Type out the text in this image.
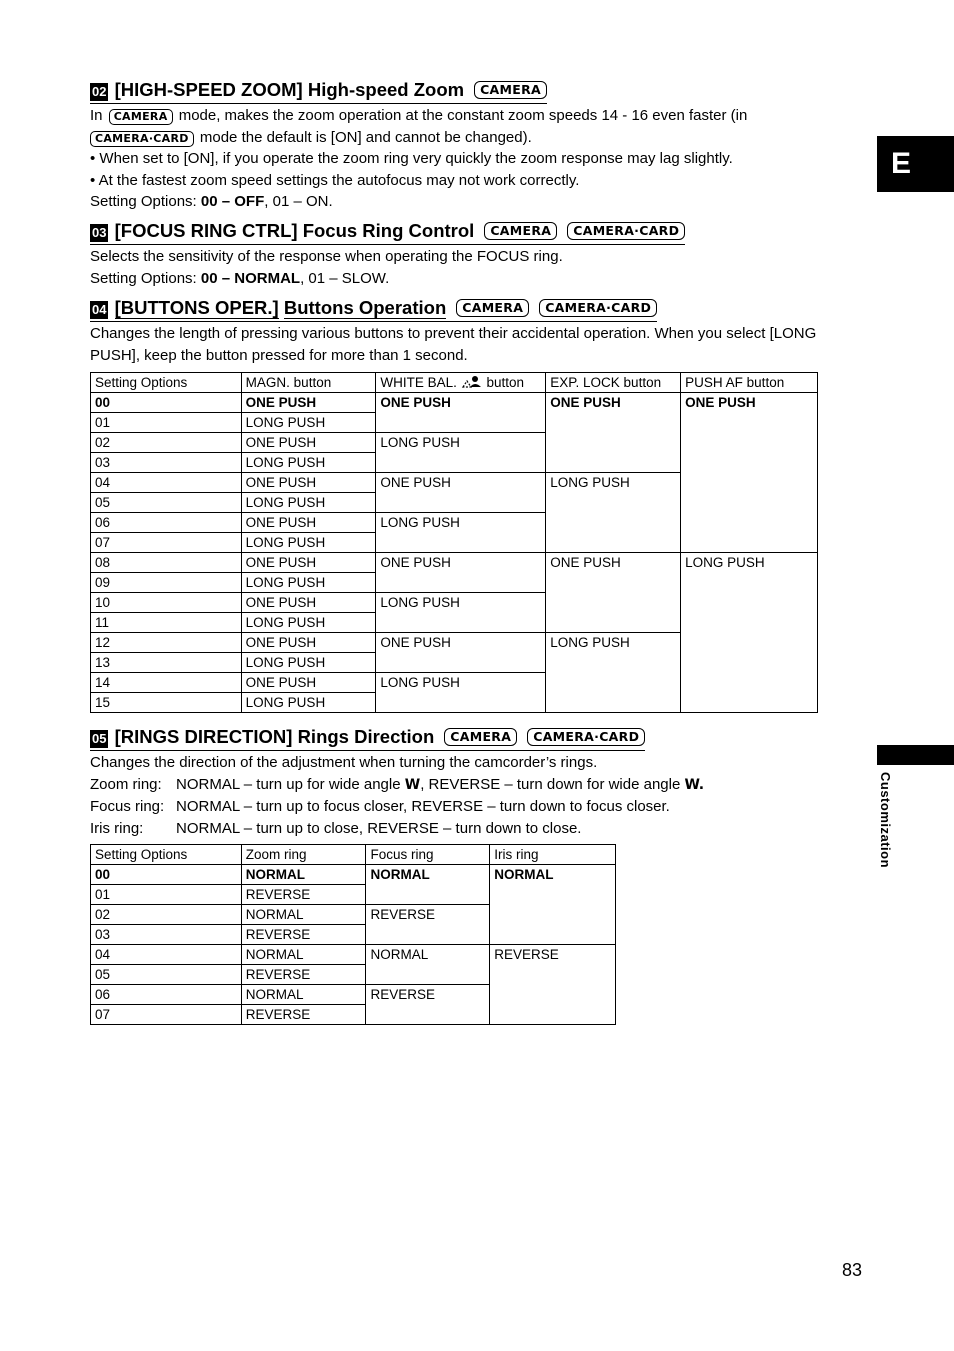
02 [HIGH-SPEED ZOOM] High-speed Zoom	CAMERA

In CAMERA mode, makes the zoom operation at the constant zoom speeds 14 - 16 even faster (in
CAMERA·CARD mode the default is [ON] and cannot be changed).

• When set to [ON], if you operate the zoom ring very quickly the zoom response may lag slightly.

• At the fastest zoom speed settings the autofocus may not work correctly.

Setting Options: 00 – OFF, 01 – ON.

03 [FOCUS RING CTRL] Focus Ring Control	CAMERA	CAMERA·CARD

Selects the sensitivity of the response when operating the FOCUS ring.

Setting Options: 00 – NORMAL, 01 – SLOW.

04 [BUTTONS OPER.] Buttons Operation	CAMERA	CAMERA·CARD

Changes the length of pressing various buttons to prevent their accidental operation. When you select [LONG
PUSH], keep the button pressed for more than 1 second.

Setting Options	MAGN. button	WHITE BAL. button	EXP. LOCK button	PUSH AF button
00	ONE PUSH	ONE PUSH	ONE PUSH	ONE PUSH
01	LONG PUSH			
02	ONE PUSH	LONG PUSH		
03	LONG PUSH			
04	ONE PUSH	ONE PUSH	LONG PUSH	
05	LONG PUSH			
06	ONE PUSH	LONG PUSH		
07	LONG PUSH			
08	ONE PUSH	ONE PUSH	ONE PUSH	LONG PUSH
09	LONG PUSH			
10	ONE PUSH	LONG PUSH		
11	LONG PUSH			
12	ONE PUSH	ONE PUSH	LONG PUSH	
13	LONG PUSH			
14	ONE PUSH	LONG PUSH		
15	LONG PUSH			
05 [RINGS DIRECTION] Rings Direction	CAMERA	CAMERA·CARD

Changes the direction of the adjustment when turning the camcorder’s rings.

Zoom ring: NORMAL – turn up for wide angle W, REVERSE – turn down for wide angle W.

Focus ring: NORMAL – turn up to focus closer, REVERSE – turn down to focus closer.

Iris ring: NORMAL – turn up to close, REVERSE – turn down to close.

Setting Options	Zoom ring	Focus ring	Iris ring
00	NORMAL	NORMAL	NORMAL
01	REVERSE		
02	NORMAL	REVERSE	
03	REVERSE		
04	NORMAL	NORMAL	REVERSE
05	REVERSE		
06	NORMAL	REVERSE	
07	REVERSE		
E
Customization
83
